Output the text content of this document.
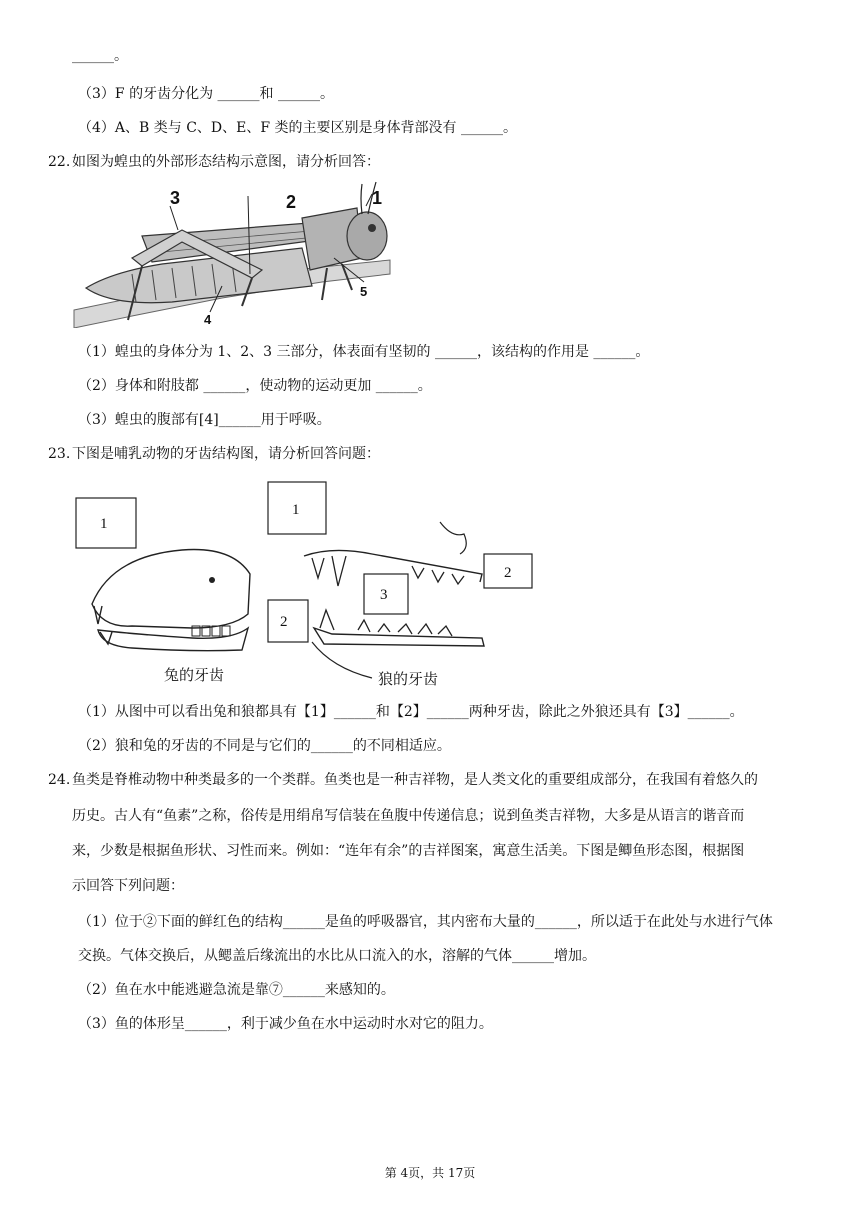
______。
（3）F 的牙齿分化为 ______和 ______。
（4）A、B 类与 C、D、E、F 类的主要区别是身体背部没有 ______。
22. 如图为蝗虫的外部形态结构示意图，请分析回答：
3	2	1
5
4
（1）蝗虫的身体分为 1、2、3 三部分，体表面有坚韧的 ______，该结构的作用是 ______。
（2）身体和附肢都 ______，使动物的运动更加 ______。
（3）蝗虫的腹部有[4]______用于呼吸。
23. 下图是哺乳动物的牙齿结构图，请分析回答问题：
1
兔的牙齿
1
3
2
2
狼的牙齿
（1）从图中可以看出兔和狼都具有【1】______和【2】______两种牙齿，除此之外狼还具有【3】______。
（2）狼和兔的牙齿的不同是与它们的______的不同相适应。
24. 鱼类是脊椎动物中种类最多的一个类群。鱼类也是一种吉祥物，是人类文化的重要组成部分，在我国有着悠久的
历史。古人有“鱼素”之称，俗传是用绢帛写信装在鱼腹中传递信息；说到鱼类吉祥物，大多是从语言的谐音而
来，少数是根据鱼形状、习性而来。例如：“连年有余”的吉祥图案，寓意生活美。下图是鲫鱼形态图，根据图
示回答下列问题：
（1）位于②下面的鲜红色的结构______是鱼的呼吸器官，其内密布大量的______，所以适于在此处与水进行气体
交换。气体交换后，从鳃盖后缘流出的水比从口流入的水，溶解的气体______增加。
（2）鱼在水中能逃避急流是靠⑦______来感知的。
（3）鱼的体形呈______，利于减少鱼在水中运动时水对它的阻力。
第 4页，共 17页
